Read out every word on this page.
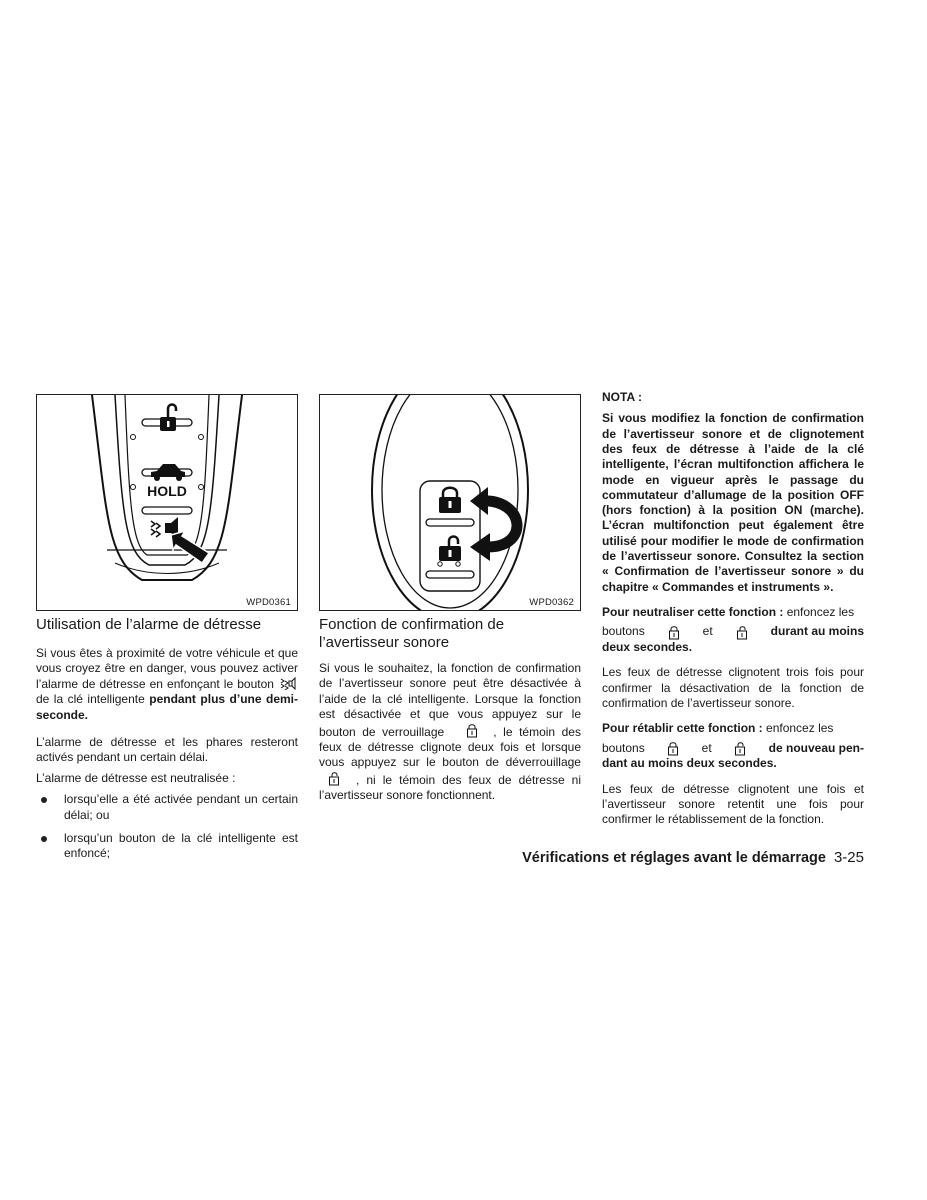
HOLD
WPD0361
Utilisation de l’alarme de détresse

Si vous êtes à proximité de votre véhicule et que vous croyez être en danger, vous pouvez activer l’alarme de détresse en enfonçant le bouton  de la clé intelligente pendant plus d’une demi-seconde.

L’alarme de détresse et les phares resteront activés pendant un certain délai.

L’alarme de détresse est neutralisée :

lorsqu’elle a été activée pendant un certain délai; ou

lorsqu’un bouton de la clé intelligente est enfoncé;

WPD0362
Fonction de confirmation de
l’avertisseur sonore

Si vous le souhaitez, la fonction de confirmation de l’avertisseur sonore peut être désactivée à l’aide de la clé intelligente. Lorsque la fonction est désactivée et que vous appuyez sur le bouton de verrouillage	, le témoin des feux de détresse clignote deux fois et lorsque vous appuyez sur le bouton de déverrouillage  , ni le témoin des feux de détresse ni l’avertisseur sonore fonctionnent.

NOTA :

Si vous modifiez la fonction de confirmation de l’avertisseur sonore et de clignotement des feux de détresse à l’aide de la clé intelligente, l’écran multifonction affichera le mode en vigueur après le passage du commutateur d’allumage de la position OFF (hors fonction) à la position ON (marche). L’écran multifonction peut également être utilisé pour modifier le mode de confirmation de l’avertisseur sonore. Consultez la section « Confirmation de l’avertisseur sonore » du chapitre « Commandes et instruments ».

Pour neutraliser cette fonction : enfoncez les

boutons	et	durant au moins

deux secondes.

Les feux de détresse clignotent trois fois pour confirmer la désactivation de la fonction de confirmation de l’avertisseur sonore.

Pour rétablir cette fonction : enfoncez les

boutons	et	de nouveau pen-

dant au moins deux secondes.

Les feux de détresse clignotent une fois et l’avertisseur sonore retentit une fois pour confirmer le rétablissement de la fonction.

Vérifications et réglages avant le démarrage 3-25
